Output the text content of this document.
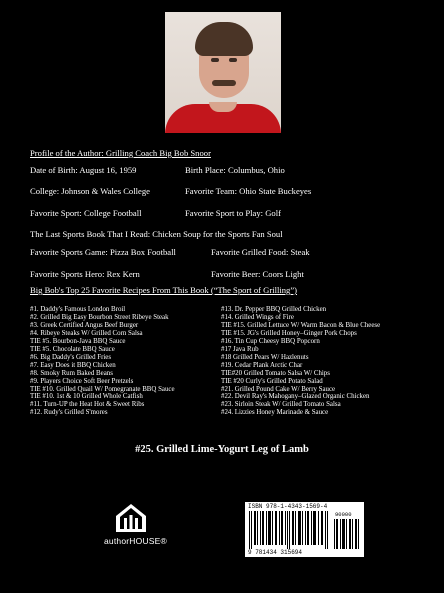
Profile of the Author: Grilling Coach Big Bob Snoor
Date of Birth: August 16, 1959	Birth Place: Columbus, Ohio
College: Johnson & Wales College	Favorite Team: Ohio State Buckeyes
Favorite Sport: College Football	Favorite Sport to Play: Golf
The Last Sports Book That I Read: Chicken Soup for the Sports Fan Soul
Favorite Sports Game: Pizza Box Football	Favorite Grilled Food: Steak
Favorite Sports Hero: Rex Kern	Favorite Beer: Coors Light
Big Bob's Top 25 Favorite Recipes From This Book (“The Sport of Grilling”)
#1. Daddy's Famous London Broil
#2. Grilled Big Easy Bourbon Street Ribeye Steak
#3. Greek Certified Angus Beef Burger
#4. Ribeye Steaks W/ Grilled Corn Salsa
TIE #5. Bourbon-Java BBQ Sauce
TIE #5. Chocolate BBQ Sauce
#6. Big Daddy's Grilled Fries
#7. Easy Does it BBQ Chicken
#8. Smoky Rum Baked Beans
#9. Players Choice Soft Beer Pretzels
TIE #10. Grilled Quail W/ Pomegranate BBQ Sauce
TIE #10. 1st & 10 Grilled Whole Catfish
#11. Turn-UP the Heat Hot & Sweet Ribs
#12. Rudy's Grilled S'mores
#13. Dr. Pepper BBQ Grilled Chicken
#14. Grilled Wings of Fire
TIE #15. Grilled Lettuce W/ Warm Bacon & Blue Cheese
TIE #15. JG's Grilled Honey–Ginger Pork Chops
#16. Tin Cup Cheesy BBQ Popcorn
#17 Java Rub
#18 Grilled Pears W/ Hazlenuts
#19. Cedar Plank Arctic Char
TIE#20 Grilled Tomato Salsa W/ Chips
TIE #20 Curly's Grilled Potato Salad
#21. Grilled Pound Cake W/ Berry Sauce
#22. Devil Ray's Mahogany–Glazed Organic Chicken
#23. Sirloin Steak W/ Grilled Tomato Salsa
#24. Lizzies Honey Marinade & Sauce
#25. Grilled Lime-Yogurt Leg of Lamb
authorHOUSE®
ISBN 978-1-4343-1569-4
90000
9 781434 315694
